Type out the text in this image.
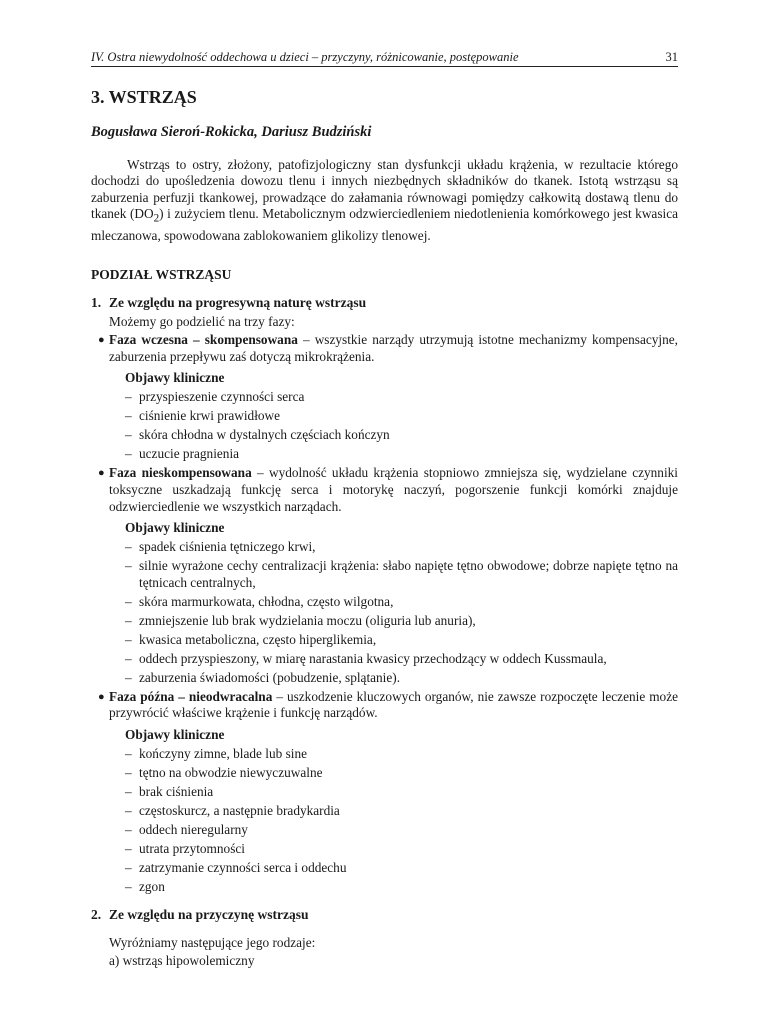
IV. Ostra niewydolność oddechowa u dzieci – przyczyny, różnicowanie, postępowanie	31
3. WSTRZĄS

Bogusława Sieroń-Rokicka, Dariusz Budziński

Wstrząs to ostry, złożony, patofizjologiczny stan dysfunkcji układu krążenia, w rezultacie którego dochodzi do upośledzenia dowozu tlenu i innych niezbędnych składników do tkanek. Istotą wstrząsu są zaburzenia perfuzji tkankowej, prowadzące do załamania równowagi pomiędzy całkowitą dostawą tlenu do tkanek $(DO_2)$ i zużyciem tlenu. Metabolicznym odzwierciedleniem niedotlenienia komórkowego jest kwasica mleczanowa, spowodowana zablokowaniem glikolizy tlenowej.

PODZIAŁ WSTRZĄSU
1. Ze względu na progresywną naturę wstrząsu
Możemy go podzielić na trzy fazy:
● Faza wczesna – skompensowana – wszystkie narządy utrzymują istotne mechanizmy kompensacyjne, zaburzenia przepływu zaś dotyczą mikrokrążenia.
Objawy kliniczne
– przyspieszenie czynności serca
– ciśnienie krwi prawidłowe
– skóra chłodna w dystalnych częściach kończyn
– uczucie pragnienia
● Faza nieskompensowana – wydolność układu krążenia stopniowo zmniejsza się, wydzielane czynniki toksyczne uszkadzają funkcję serca i motorykę naczyń, pogorszenie funkcji komórki znajduje odzwierciedlenie we wszystkich narządach.
Objawy kliniczne
– spadek ciśnienia tętniczego krwi,
– silnie wyrażone cechy centralizacji krążenia: słabo napięte tętno obwodowe; dobrze napięte tętno na tętnicach centralnych,
– skóra marmurkowata, chłodna, często wilgotna,
– zmniejszenie lub brak wydzielania moczu (oliguria lub anuria),
– kwasica metaboliczna, często hiperglikemia,
– oddech przyspieszony, w miarę narastania kwasicy przechodzący w oddech Kussmaula,
– zaburzenia świadomości (pobudzenie, splątanie).
● Faza późna – nieodwracalna – uszkodzenie kluczowych organów, nie zawsze rozpoczęte leczenie może przywrócić właściwe krążenie i funkcję narządów.
Objawy kliniczne
– kończyny zimne, blade lub sine
– tętno na obwodzie niewyczuwalne
– brak ciśnienia
– częstoskurcz, a następnie bradykardia
– oddech nieregularny
– utrata przytomności
– zatrzymanie czynności serca i oddechu
– zgon
2. Ze względu na przyczynę wstrząsu
Wyróżniamy następujące jego rodzaje:
a) wstrząs hipowolemiczny
